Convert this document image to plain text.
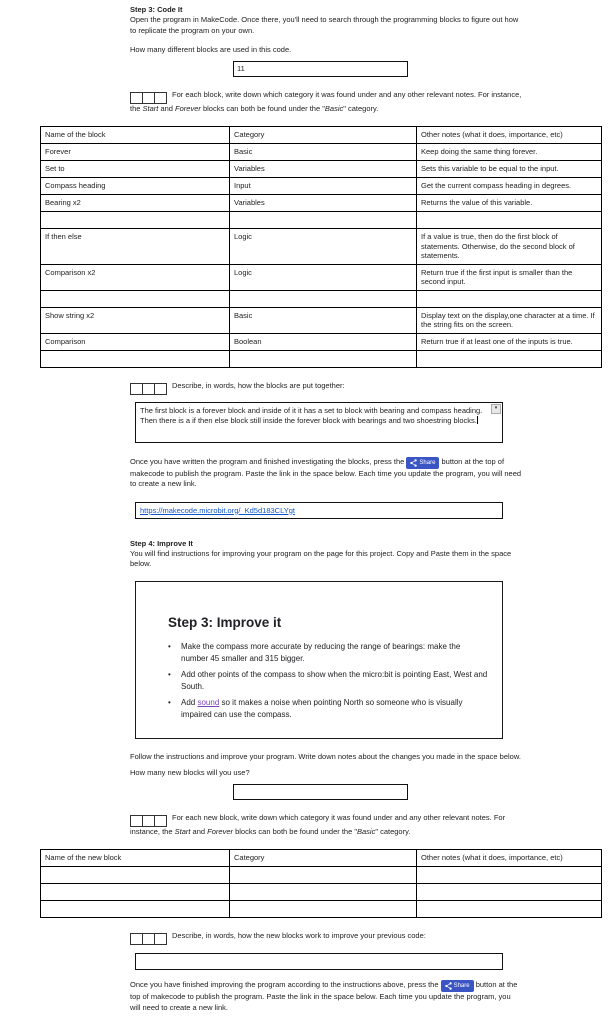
Step 3: Code It

Open the program in MakeCode. Once there, you'll need to search through the programming blocks to figure out how to replicate the program on your own.

How many different blocks are used in this code.

11

For each block, write down which category it was found under and any other relevant notes. For instance, the Start and Forever blocks can both be found under the "Basic" category.

Name of the block	Category	Other notes (what it does, importance, etc)
Forever	Basic	Keep doing the same thing forever.
Set to	Variables	Sets this variable to be equal to the input.
Compass heading	Input	Get the current compass heading in degrees.
Bearing x2	Variables	Returns the value of this variable.

If then else	Logic	If a value is true, then do the first block of statements. Otherwise, do the second block of statements.
Comparison x2	Logic	Return true if the first input is smaller than the second input.

Show string x2	Basic	Display text on the display,one character at a time. If the string fits on the screen.
Comparison	Boolean	Return true if at least one of the inputs is true.

Describe, in words, how the blocks are put together:

The first block is a forever block and inside of it it has a set to block with bearing and compass heading. Then there is a if then else block still inside the forever block with bearings and two shoestring blocks.
▾

Once you have written the program and finished investigating the blocks, press the Share button at the top of makecode to publish the program. Paste the link in the space below. Each time you update the program, you will need to create a new link.

https://makecode.microbit.org/_Kd5d183CLYgt
Step 4: Improve It

You will find instructions for improving your program on the page for this project. Copy and Paste them in the space below.

Step 3: Improve it
•	Make the compass more accurate by reducing the range of bearings: make the number 45 smaller and 315 bigger.
•	Add other points of the compass to show when the micro:bit is pointing East, West and South.
•	Add sound so it makes a noise when pointing North so someone who is visually impaired can use the compass.

Follow the instructions and improve your program. Write down notes about the changes you made in the space below.

How many new blocks will you use?

For each new block, write down which category it was found under and any other relevant notes. For instance, the Start and Forever blocks can both be found under the "Basic" category.

Name of the new block	Category	Other notes (what it does, importance, etc)

Describe, in words, how the new blocks work to improve your previous code:

Once you have finished improving the program according to the instructions above, press the Share button at the top of makecode to publish the program. Paste the link in the space below. Each time you update the program, you will need to create a new link.
